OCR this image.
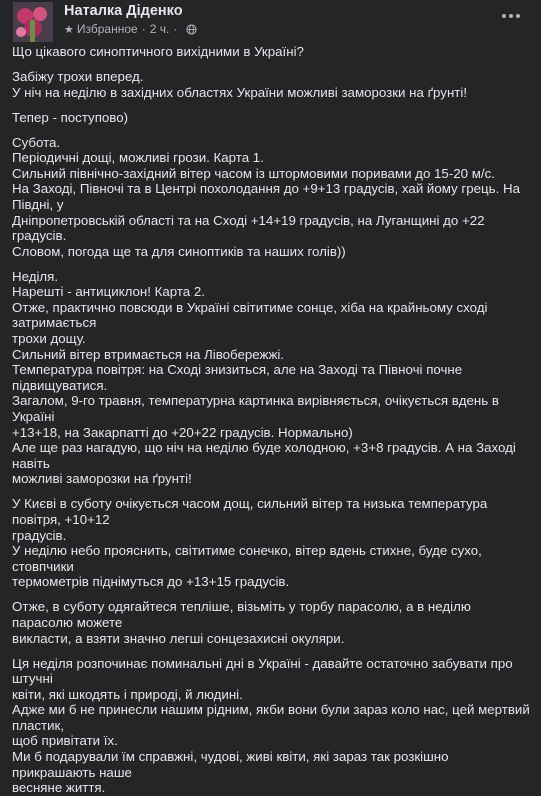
Наталка Діденко
★ Избранное · 2 ч. ·

Що цікавого синоптичного вихідними в Україні?

Забіжу трохи вперед.
У ніч на неділю в західних областях України можливі заморозки на ґрунті!

Тепер - поступово)

Субота.
Періодичні дощі, можливі грози. Карта 1.
Сильний північно-західний вітер часом із штормовими поривами до 15-20 м/с.
На Заході, Півночі та в Центрі похолодання до +9+13 градусів, хай йому грець. На Півдні, у
Дніпропетровській області та на Сході +14+19 градусів, на Луганщині до +22 градусів.
Словом, погода ще та для синоптиків та наших голів))

Неділя.
Нарешті - антициклон! Карта 2.
Отже, практично повсюди в Україні світитиме сонце, хіба на крайньому сході затримається
трохи дощу.
Сильний вітер втримається на Лівобережжі.
Температура повітря: на Сході знизиться, але на Заході та Півночі почне підвищуватися.
Загалом, 9-го травня, температурна картинка вирівняється, очікується вдень в Україні
+13+18, на Закарпатті до +20+22 градусів. Нормально)
Але ще раз нагадую, що ніч на неділю буде холодною, +3+8 градусів. А на Заході навіть
можливі заморозки на ґрунті!

У Києві в суботу очікується часом дощ, сильний вітер та низька температура повітря, +10+12
градусів.
У неділю небо прояснить, світитиме сонечко, вітер вдень стихне, буде сухо, стовпчики
термометрів піднімуться до +13+15 градусів.

Отже, в суботу одягайтеся тепліше, візьміть у торбу парасолю, а в неділю парасолю можете
викласти, а взяти значно легші сонцезахисні окуляри.

Ця неділя розпочинає поминальні дні в Україні - давайте остаточно забувати про штучні
квіти, які шкодять і природі, й людині.
Адже ми б не принесли нашим рідним, якби вони були зараз коло нас, цей мертвий пластик,
щоб привітати їх.
Ми б подарували їм справжні, чудові, живі квіти, які зараз так розкішно прикрашають наше
весняне життя.
